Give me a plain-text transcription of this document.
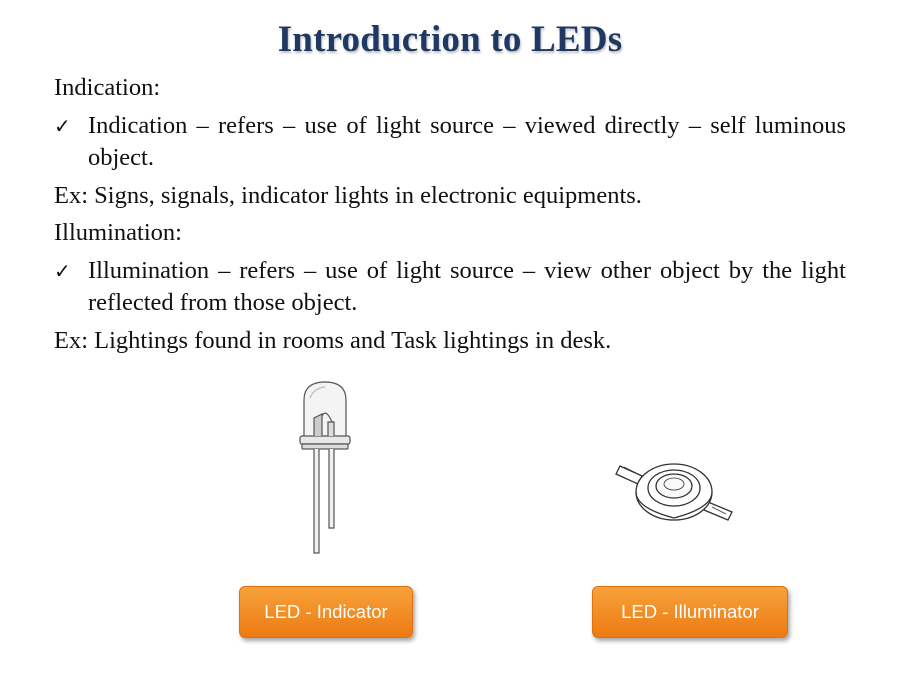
Introduction to LEDs
Indication:
✓ Indication – refers – use of light source – viewed directly – self luminous object.
Ex: Signs, signals, indicator lights in electronic equipments.
Illumination:
✓ Illumination – refers – use of light source – view other object by the light reflected from those object.
Ex: Lightings found in rooms and Task lightings in desk.
LED - Indicator	LED - Illuminator
